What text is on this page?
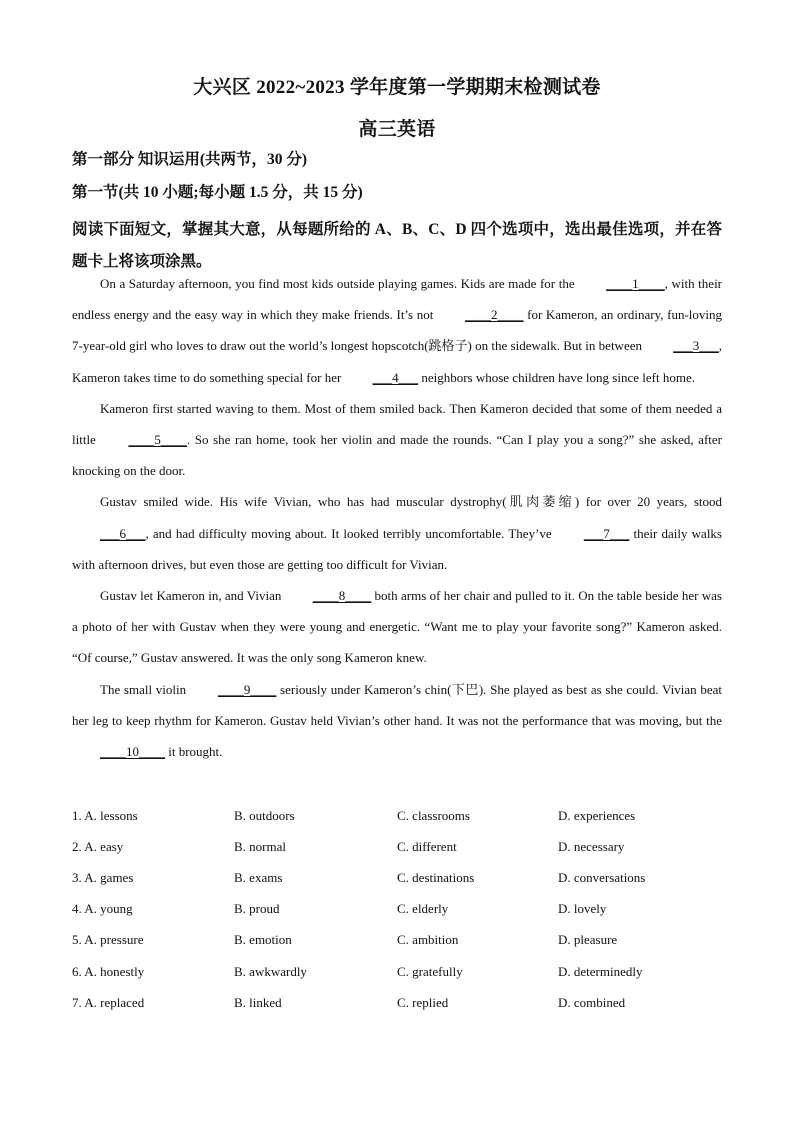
大兴区 2022~2023 学年度第一学期期末检测试卷
高三英语
第一部分 知识运用(共两节，30 分)
第一节(共 10 小题;每小题 1.5 分，共 15 分)
阅读下面短文，掌握其大意，从每题所给的 A、B、C、D 四个选项中，选出最佳选项，并在答题卡上将该项涂黑。

On a Saturday afternoon, you find most kids outside playing games. Kids are made for the ____1____, with their endless energy and the easy way in which they make friends. It’s not ____2____ for Kameron, an ordinary, fun-loving 7-year-old girl who loves to draw out the world’s longest hopscotch(跳格子) on the sidewalk. But in between ___3___, Kameron takes time to do something special for her ___4___ neighbors whose children have long since left home.

Kameron first started waving to them. Most of them smiled back. Then Kameron decided that some of them needed a little ____5____. So she ran home, took her violin and made the rounds. “Can I play you a song?” she asked, after knocking on the door.

Gustav smiled wide. His wife Vivian, who has had muscular dystrophy(肌肉萎缩) for over 20 years, stood ___6___, and had difficulty moving about. It looked terribly uncomfortable. They’ve ___7___ their daily walks with afternoon drives, but even those are getting too difficult for Vivian.

Gustav let Kameron in, and Vivian ____8____ both arms of her chair and pulled to it. On the table beside her was a photo of her with Gustav when they were young and energetic. “Want me to play your favorite song?” Kameron asked. “Of course,” Gustav answered. It was the only song Kameron knew.

The small violin ____9____ seriously under Kameron’s chin(下巴). She played as best as she could. Vivian beat her leg to keep rhythm for Kameron. Gustav held Vivian’s other hand. It was not the performance that was moving, but the ____10____ it brought.

1. A. lessons	B. outdoors	C. classrooms	D. experiences
2. A. easy	B. normal	C. different	D. necessary
3. A. games	B. exams	C. destinations	D. conversations
4. A. young	B. proud	C. elderly	D. lovely
5. A. pressure	B. emotion	C. ambition	D. pleasure
6. A. honestly	B. awkwardly	C. gratefully	D. determinedly
7. A. replaced	B. linked	C. replied	D. combined
